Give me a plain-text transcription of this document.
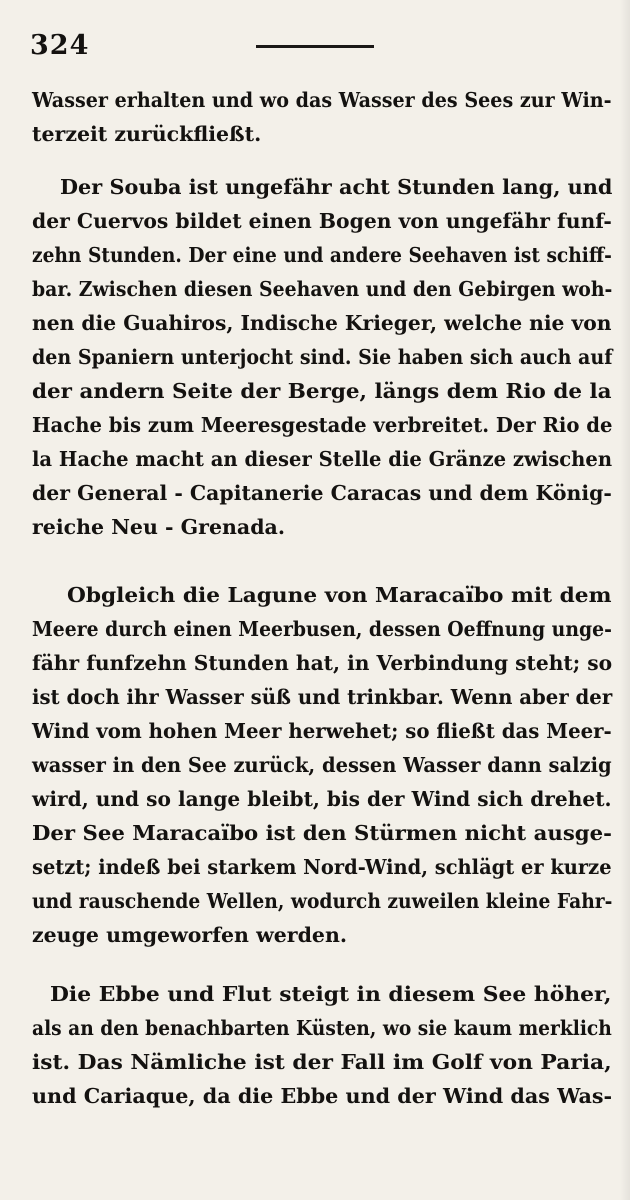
324
Wasser erhalten und wo das Wasser des Sees zur Win-
terzeit zurückfließt.
Der Souba ist ungefähr acht Stunden lang, und
der Cuervos bildet einen Bogen von ungefähr funf-
zehn Stunden. Der eine und andere Seehaven ist schiff-
bar. Zwischen diesen Seehaven und den Gebirgen woh-
nen die Guahiros, Indische Krieger, welche nie von
den Spaniern unterjocht sind. Sie haben sich auch auf
der andern Seite der Berge, längs dem Rio de la
Hache bis zum Meeresgestade verbreitet. Der Rio de
la Hache macht an dieser Stelle die Gränze zwischen
der General - Capitanerie Caracas und dem König-
reiche Neu - Grenada.
Obgleich die Lagune von Maracaïbo mit dem
Meere durch einen Meerbusen, dessen Oeffnung unge-
fähr funfzehn Stunden hat, in Verbindung steht; so
ist doch ihr Wasser süß und trinkbar. Wenn aber der
Wind vom hohen Meer herwehet; so fließt das Meer-
wasser in den See zurück, dessen Wasser dann salzig
wird, und so lange bleibt, bis der Wind sich drehet.
Der See Maracaïbo ist den Stürmen nicht ausge-
setzt; indeß bei starkem Nord-Wind, schlägt er kurze
und rauschende Wellen, wodurch zuweilen kleine Fahr-
zeuge umgeworfen werden.
Die Ebbe und Flut steigt in diesem See höher,
als an den benachbarten Küsten, wo sie kaum merklich
ist. Das Nämliche ist der Fall im Golf von Paria,
und Cariaque, da die Ebbe und der Wind das Was-
